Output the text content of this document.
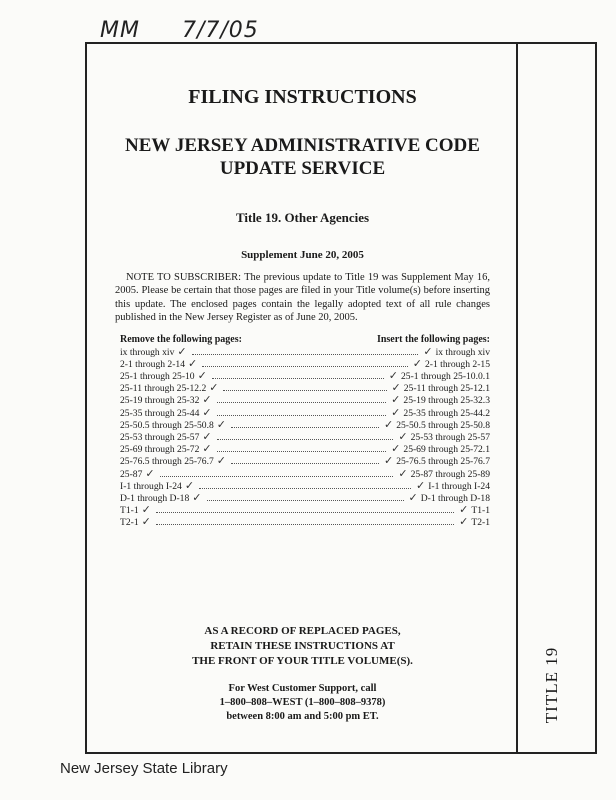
MM 7/7/05
TITLE 19
FILING INSTRUCTIONS
NEW JERSEY ADMINISTRATIVE CODE
UPDATE SERVICE
Title 19. Other Agencies
Supplement June 20, 2005
NOTE TO SUBSCRIBER: The previous update to Title 19 was Supplement May 16, 2005. Please be certain that those pages are filed in your Title volume(s) before inserting this update. The enclosed pages contain the legally adopted text of all rule changes published in the New Jersey Register as of June 20, 2005.
Remove the following pages:	Insert the following pages:
ix through xiv ✓	✓ ix through xiv
2-1 through 2-14 ✓	✓ 2-1 through 2-15
25-1 through 25-10 ✓	✓ 25-1 through 25-10.0.1
25-11 through 25-12.2 ✓	✓ 25-11 through 25-12.1
25-19 through 25-32 ✓	✓ 25-19 through 25-32.3
25-35 through 25-44 ✓	✓ 25-35 through 25-44.2
25-50.5 through 25-50.8 ✓	✓ 25-50.5 through 25-50.8
25-53 through 25-57 ✓	✓ 25-53 through 25-57
25-69 through 25-72 ✓	✓ 25-69 through 25-72.1
25-76.5 through 25-76.7 ✓	✓ 25-76.5 through 25-76.7
25-87 ✓	✓ 25-87 through 25-89
I-1 through I-24 ✓	✓ I-1 through I-24
D-1 through D-18 ✓	✓ D-1 through D-18
T1-1 ✓	✓ T1-1
T2-1 ✓	✓ T2-1
AS A RECORD OF REPLACED PAGES,
RETAIN THESE INSTRUCTIONS AT
THE FRONT OF YOUR TITLE VOLUME(S).
For West Customer Support, call
1–800–808–WEST (1–800–808–9378)
between 8:00 am and 5:00 pm ET.
New Jersey State Library
